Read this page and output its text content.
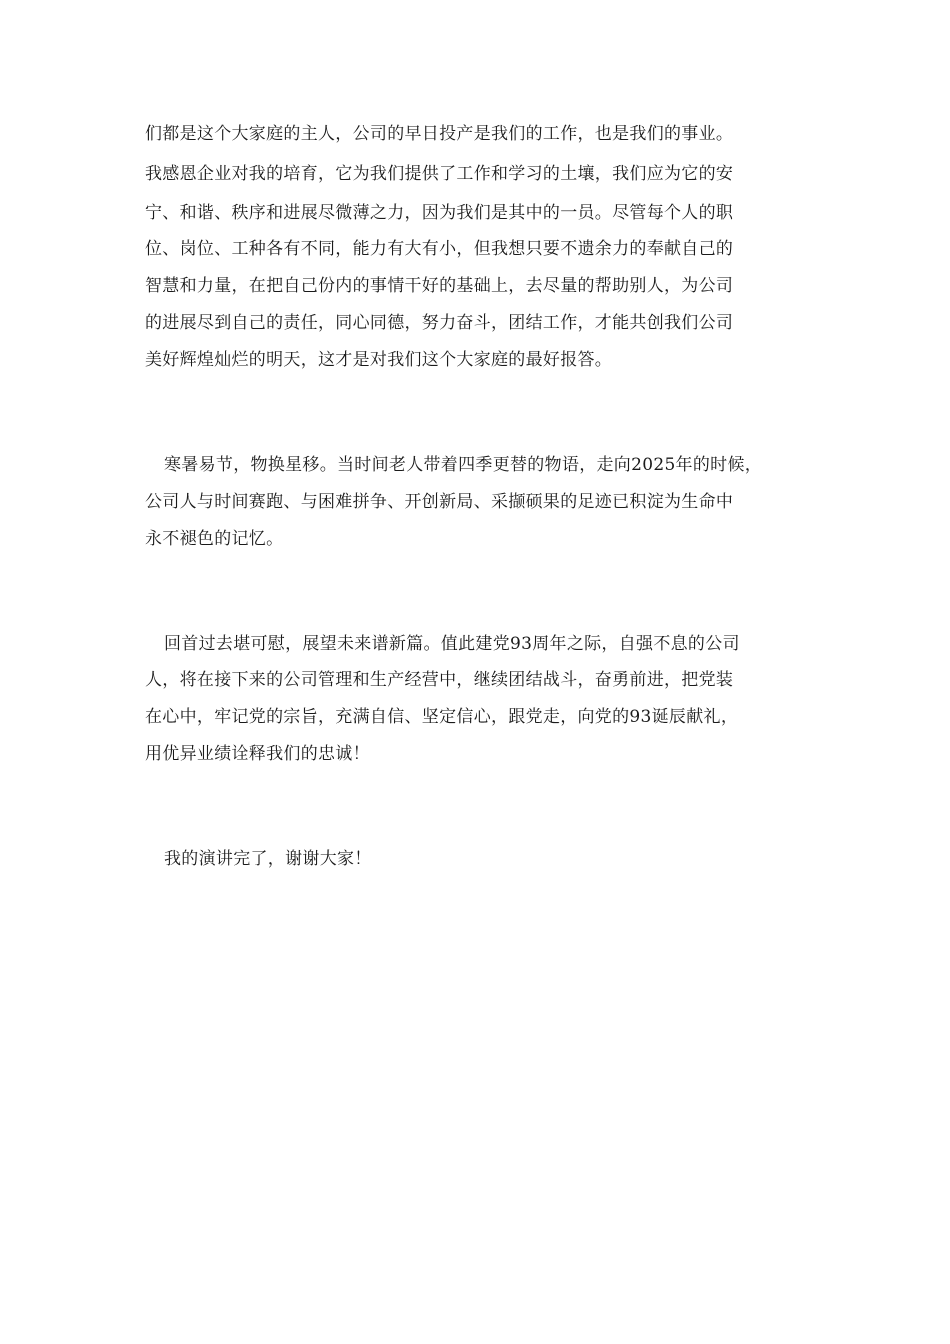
们都是这个大家庭的主人，公司的早日投产是我们的工作，也是我们的事业。
我感恩企业对我的培育，它为我们提供了工作和学习的土壤，我们应为它的安
宁、和谐、秩序和进展尽微薄之力，因为我们是其中的一员。尽管每个人的职
位、岗位、工种各有不同，能力有大有小，但我想只要不遗余力的奉献自己的
智慧和力量，在把自己份内的事情干好的基础上，去尽量的帮助别人，为公司
的进展尽到自己的责任，同心同德，努力奋斗，团结工作，才能共创我们公司
美好辉煌灿烂的明天，这才是对我们这个大家庭的最好报答。
寒暑易节，物换星移。当时间老人带着四季更替的物语，走向2025年的时候，
公司人与时间赛跑、与困难拼争、开创新局、采撷硕果的足迹已积淀为生命中
永不褪色的记忆。
回首过去堪可慰，展望未来谱新篇。值此建党93周年之际，自强不息的公司
人，将在接下来的公司管理和生产经营中，继续团结战斗，奋勇前进，把党装
在心中，牢记党的宗旨，充满自信、坚定信心，跟党走，向党的93诞辰献礼，
用优异业绩诠释我们的忠诚！
我的演讲完了，谢谢大家！
